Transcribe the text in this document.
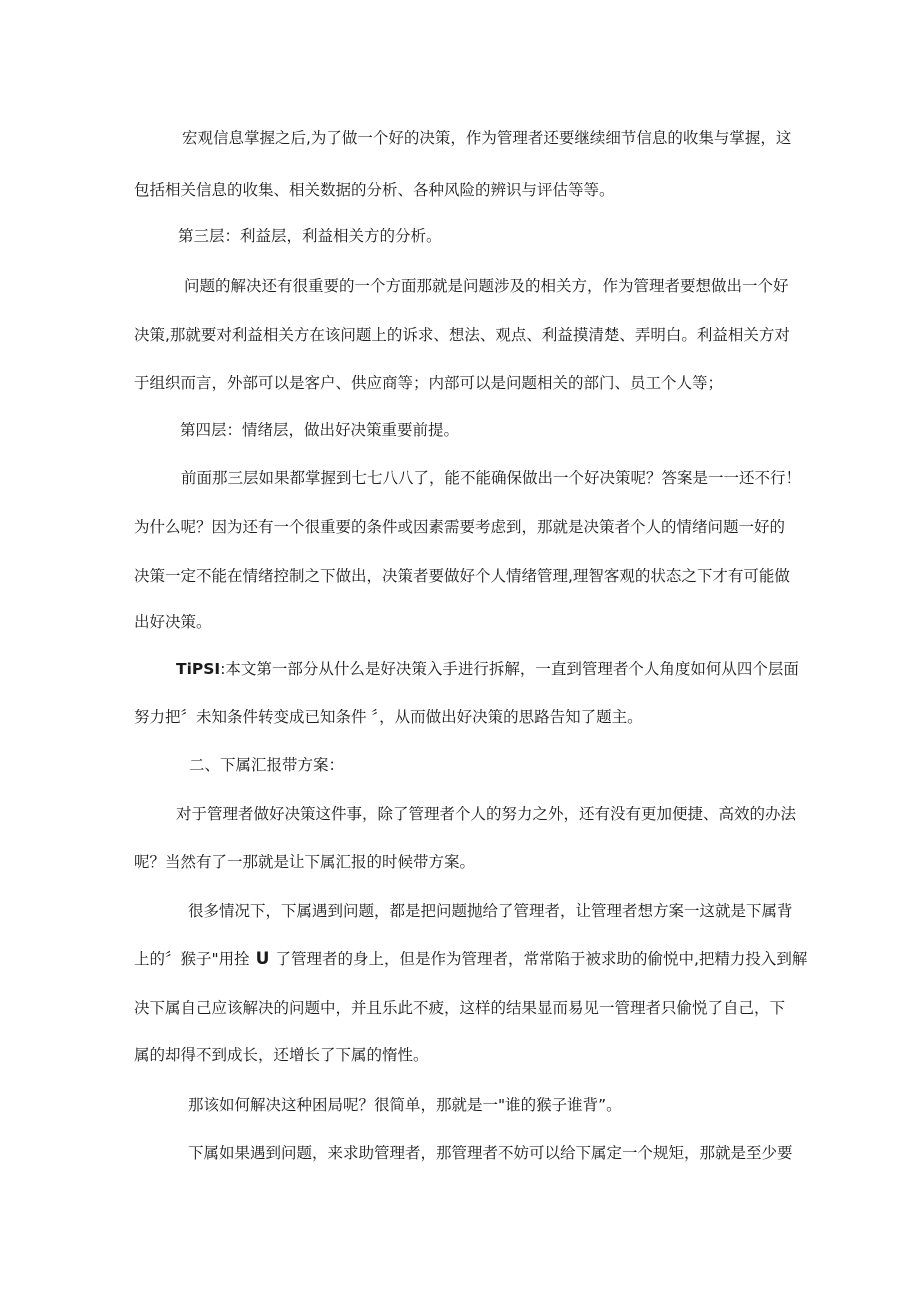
宏观信息掌握之后,为了做一个好的决策，作为管理者还要继续细节信息的收集与掌握，这
包括相关信息的收集、相关数据的分析、各种风险的辨识与评估等等。
第三层：利益层，利益相关方的分析。
问题的解决还有很重要的一个方面那就是问题涉及的相关方，作为管理者要想做出一个好
决策,那就要对利益相关方在该问题上的诉求、想法、观点、利益摸清楚、弄明白。利益相关方对
于组织而言，外部可以是客户、供应商等；内部可以是问题相关的部门、员工个人等；
第四层：情绪层，做出好决策重要前提。
前面那三层如果都掌握到七七八八了，能不能确保做出一个好决策呢？答案是一一还不行！
为什么呢？因为还有一个很重要的条件或因素需要考虑到，那就是决策者个人的情绪问题一好的
决策一定不能在情绪控制之下做出，决策者要做好个人情绪管理,理智客观的状态之下才有可能做
出好决策。
TiPSI:本文第一部分从什么是好决策入手进行拆解，一直到管理者个人角度如何从四个层面
努力把〞未知条件转变成已知条件 〞，从而做出好决策的思路告知了题主。
二、下属汇报带方案：
对于管理者做好决策这件事，除了管理者个人的努力之外，还有没有更加便捷、高效的办法
呢？当然有了一那就是让下属汇报的时候带方案。
很多情况下，下属遇到问题，都是把问题抛给了管理者，让管理者想方案一这就是下属背
上的〞猴子"用拴 U 了管理者的身上，但是作为管理者，常常陷于被求助的偷悦中,把精力投入到解
决下属自己应该解决的问题中，并且乐此不疲，这样的结果显而易见一管理者只偷悦了自己，下
属的却得不到成长，还增长了下属的惰性。
那该如何解决这种困局呢？很简单，那就是一"谁的猴子谁背”。
下属如果遇到问题，来求助管理者，那管理者不妨可以给下属定一个规矩，那就是至少要
